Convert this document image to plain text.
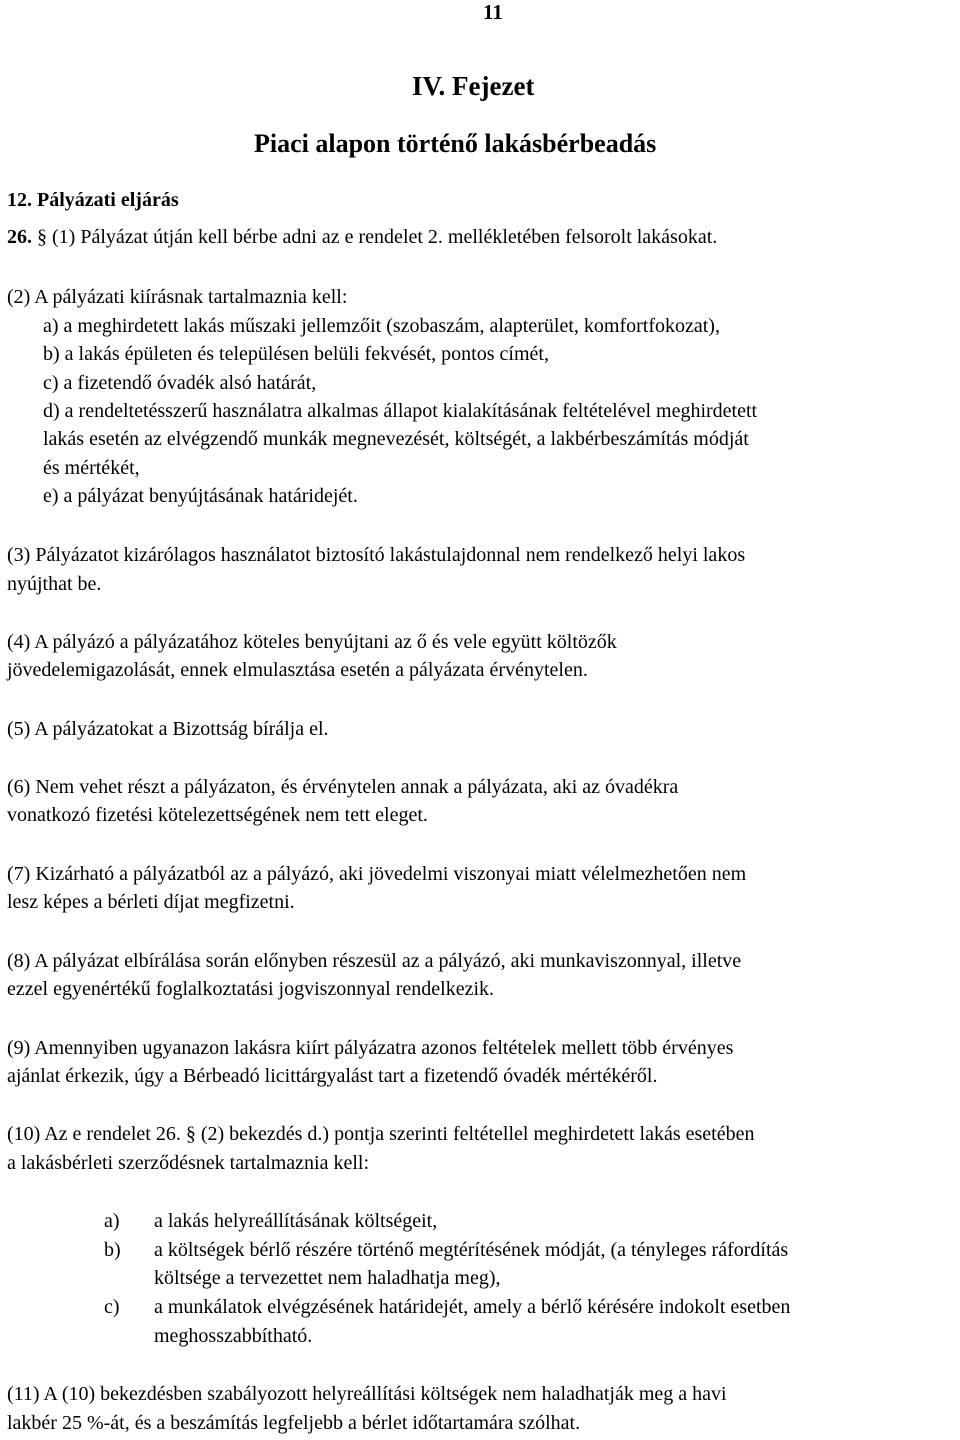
11
IV. Fejezet
Piaci alapon történő lakásbérbeadás
12. Pályázati eljárás
26. § (1) Pályázat útján kell bérbe adni az e rendelet 2. mellékletében felsorolt lakásokat.
(2) A pályázati kiírásnak tartalmaznia kell:
a) a meghirdetett lakás műszaki jellemzőit (szobaszám, alapterület, komfortfokozat),
b) a lakás épületen és településen belüli fekvését, pontos címét,
c) a fizetendő óvadék alsó határát,
d) a rendeltetésszerű használatra alkalmas állapot kialakításának feltételével meghirdetett
lakás esetén az elvégzendő munkák megnevezését, költségét, a lakbérbeszámítás módját
és mértékét,
e) a pályázat benyújtásának határidejét.
(3) Pályázatot kizárólagos használatot biztosító lakástulajdonnal nem rendelkező helyi lakos
nyújthat be.
(4) A pályázó a pályázatához köteles benyújtani az ő és vele együtt költözők
jövedelemigazolását, ennek elmulasztása esetén a pályázata érvénytelen.
(5) A pályázatokat a Bizottság bírálja el.
(6) Nem vehet részt a pályázaton, és érvénytelen annak a pályázata, aki az óvadékra
vonatkozó fizetési kötelezettségének nem tett eleget.
(7) Kizárható a pályázatból az a pályázó, aki jövedelmi viszonyai miatt vélelmezhetően nem
lesz képes a bérleti díjat megfizetni.
(8) A pályázat elbírálása során előnyben részesül az a pályázó, aki munkaviszonnyal, illetve
ezzel egyenértékű foglalkoztatási jogviszonnyal rendelkezik.
(9) Amennyiben ugyanazon lakásra kiírt pályázatra azonos feltételek mellett több érvényes
ajánlat érkezik, úgy a Bérbeadó licittárgyalást tart a fizetendő óvadék mértékéről.
(10) Az e rendelet 26. § (2) bekezdés d.) pontja szerinti feltétellel meghirdetett lakás esetében
a lakásbérleti szerződésnek tartalmaznia kell:
a) a lakás helyreállításának költségeit,
b) a költségek bérlő részére történő megtérítésének módját, (a tényleges ráfordítás
költsége a tervezettet nem haladhatja meg),
c) a munkálatok elvégzésének határidejét, amely a bérlő kérésére indokolt esetben
meghosszabbítható.
(11) A (10) bekezdésben szabályozott helyreállítási költségek nem haladhatják meg a havi
lakbér 25 %-át, és a beszámítás legfeljebb a bérlet időtartamára szólhat.
